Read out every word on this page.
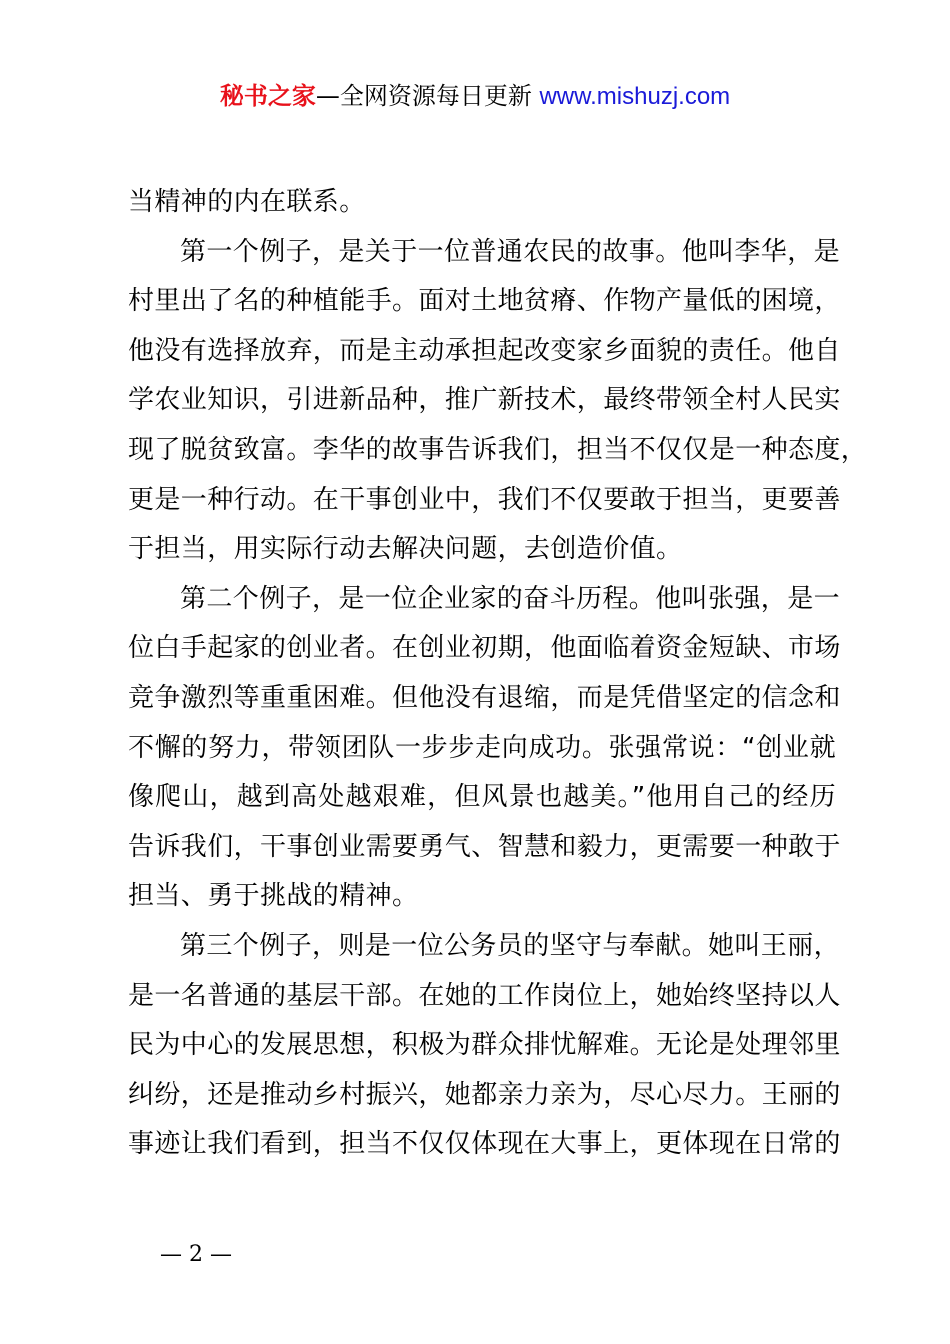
秘书之家—全网资源每日更新 www.mishuzj.com
当精神的内在联系。
第一个例子，是关于一位普通农民的故事。他叫李华，是
村里出了名的种植能手。面对土地贫瘠、作物产量低的困境，
他没有选择放弃，而是主动承担起改变家乡面貌的责任。他自
学农业知识，引进新品种，推广新技术，最终带领全村人民实
现了脱贫致富。李华的故事告诉我们，担当不仅仅是一种态度，
更是一种行动。在干事创业中，我们不仅要敢于担当，更要善
于担当，用实际行动去解决问题，去创造价值。
第二个例子，是一位企业家的奋斗历程。他叫张强，是一
位白手起家的创业者。在创业初期，他面临着资金短缺、市场
竞争激烈等重重困难。但他没有退缩，而是凭借坚定的信念和
不懈的努力，带领团队一步步走向成功。张强常说：“创业就
像爬山，越到高处越艰难，但风景也越美。”他用自己的经历
告诉我们，干事创业需要勇气、智慧和毅力，更需要一种敢于
担当、勇于挑战的精神。
第三个例子，则是一位公务员的坚守与奉献。她叫王丽，
是一名普通的基层干部。在她的工作岗位上，她始终坚持以人
民为中心的发展思想，积极为群众排忧解难。无论是处理邻里
纠纷，还是推动乡村振兴，她都亲力亲为，尽心尽力。王丽的
事迹让我们看到，担当不仅仅体现在大事上，更体现在日常的
— 2 —
